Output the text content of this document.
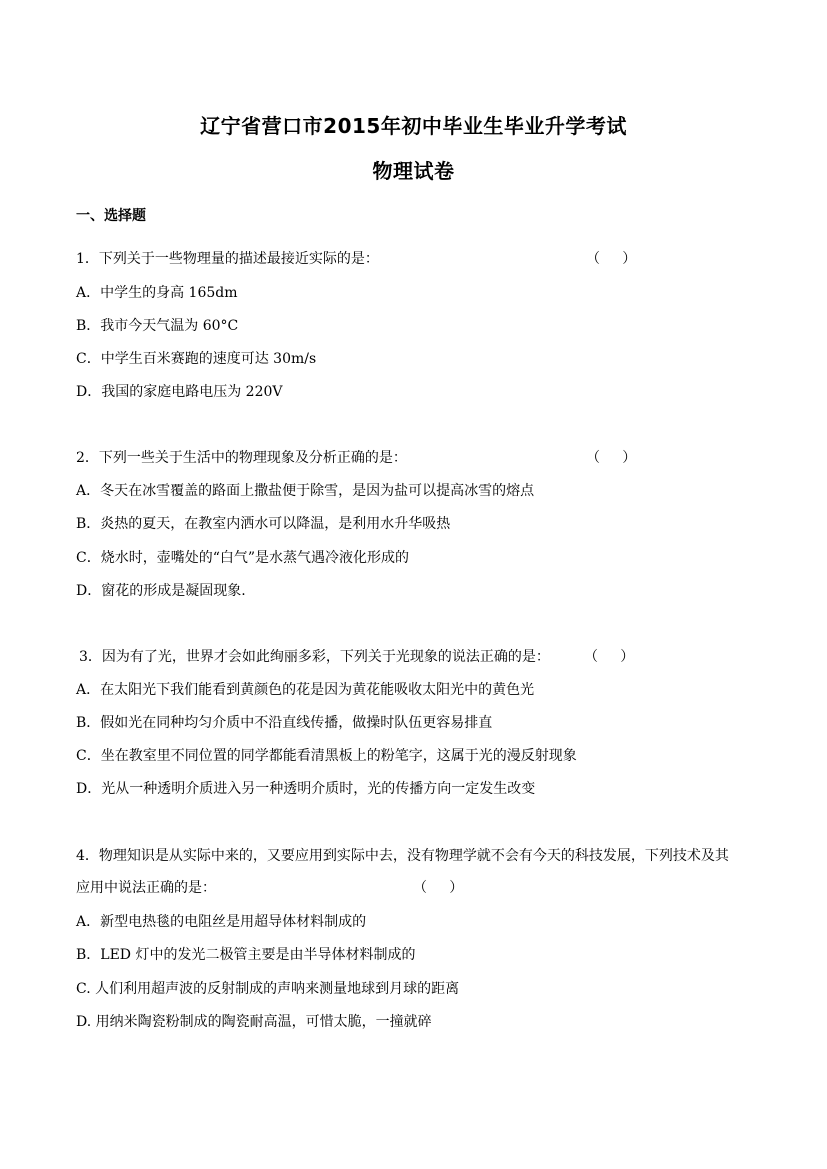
辽宁省营口市2015年初中毕业生毕业升学考试
物理试卷
一、选择题
1．下列关于一些物理量的描述最接近实际的是：	（     ）
A．中学生的身高 165dm
B．我市今天气温为 60°C
C．中学生百米赛跑的速度可达 30m/s
D．我国的家庭电路电压为 220V
2．下列一些关于生活中的物理现象及分析正确的是：	（     ）
A．冬天在冰雪覆盖的路面上撒盐便于除雪，是因为盐可以提高冰雪的熔点
B．炎热的夏天，在教室内洒水可以降温，是利用水升华吸热
C．烧水时，壶嘴处的“白气”是水蒸气遇冷液化形成的
D．窗花的形成是凝固现象.
3．因为有了光，世界才会如此绚丽多彩，下列关于光现象的说法正确的是： （     ）
A．在太阳光下我们能看到黄颜色的花是因为黄花能吸收太阳光中的黄色光
B．假如光在同种均匀介质中不沿直线传播，做操时队伍更容易排直
C．坐在教室里不同位置的同学都能看清黑板上的粉笔字，这属于光的漫反射现象
D．光从一种透明介质进入另一种透明介质时，光的传播方向一定发生改变
4．物理知识是从实际中来的，又要应用到实际中去，没有物理学就不会有今天的科技发展，下列技术及其
应用中说法正确的是：	（     ）
A．新型电热毯的电阻丝是用超导体材料制成的
B．LED 灯中的发光二极管主要是由半导体材料制成的
C. 人们利用超声波的反射制成的声呐来测量地球到月球的距离
D. 用纳米陶瓷粉制成的陶瓷耐高温，可惜太脆，一撞就碎
